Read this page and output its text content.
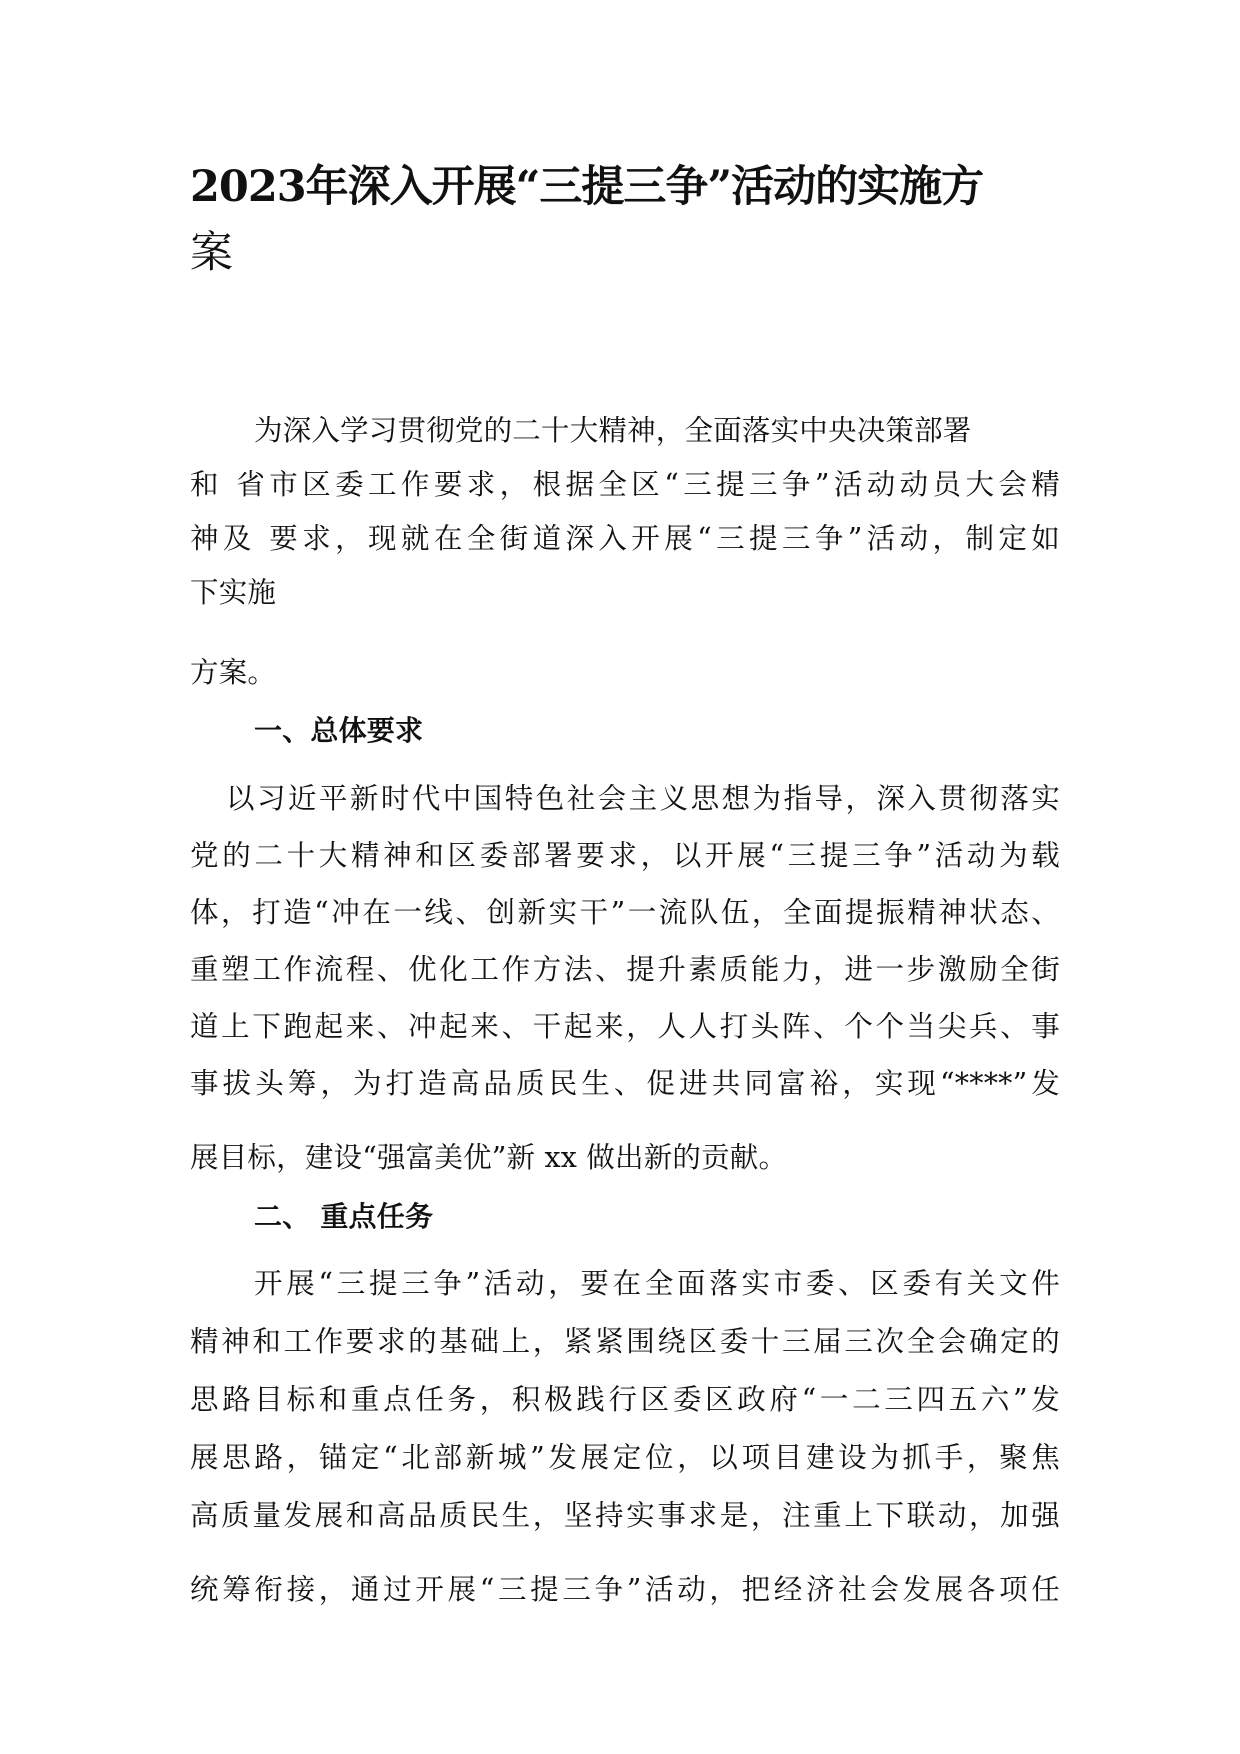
2023年深入开展“三提三争”活动的实施方
案
为深入学习贯彻党的二十大精神，全面落实中央决策部署
和 省市区委工作要求，根据全区“三提三争”活动动员大会精
神及 要求，现就在全街道深入开展“三提三争”活动，制定如
下实施
方案。
一、总体要求
以习近平新时代中国特色社会主义思想为指导，深入贯彻落实
党的二十大精神和区委部署要求，以开展“三提三争”活动为载
体，打造“冲在一线、创新实干”一流队伍，全面提振精神状态、
重塑工作流程、优化工作方法、提升素质能力，进一步激励全街
道上下跑起来、冲起来、干起来，人人打头阵、个个当尖兵、事
事拔头筹，为打造高品质民生、促进共同富裕，实现“****”发
展目标，建设“强富美优”新 xx 做出新的贡献。
二、 重点任务
开展“三提三争”活动，要在全面落实市委、区委有关文件
精神和工作要求的基础上，紧紧围绕区委十三届三次全会确定的
思路目标和重点任务，积极践行区委区政府“一二三四五六”发
展思路，锚定“北部新城”发展定位，以项目建设为抓手，聚焦
高质量发展和高品质民生，坚持实事求是，注重上下联动，加强
统筹衔接，通过开展“三提三争”活动，把经济社会发展各项任
